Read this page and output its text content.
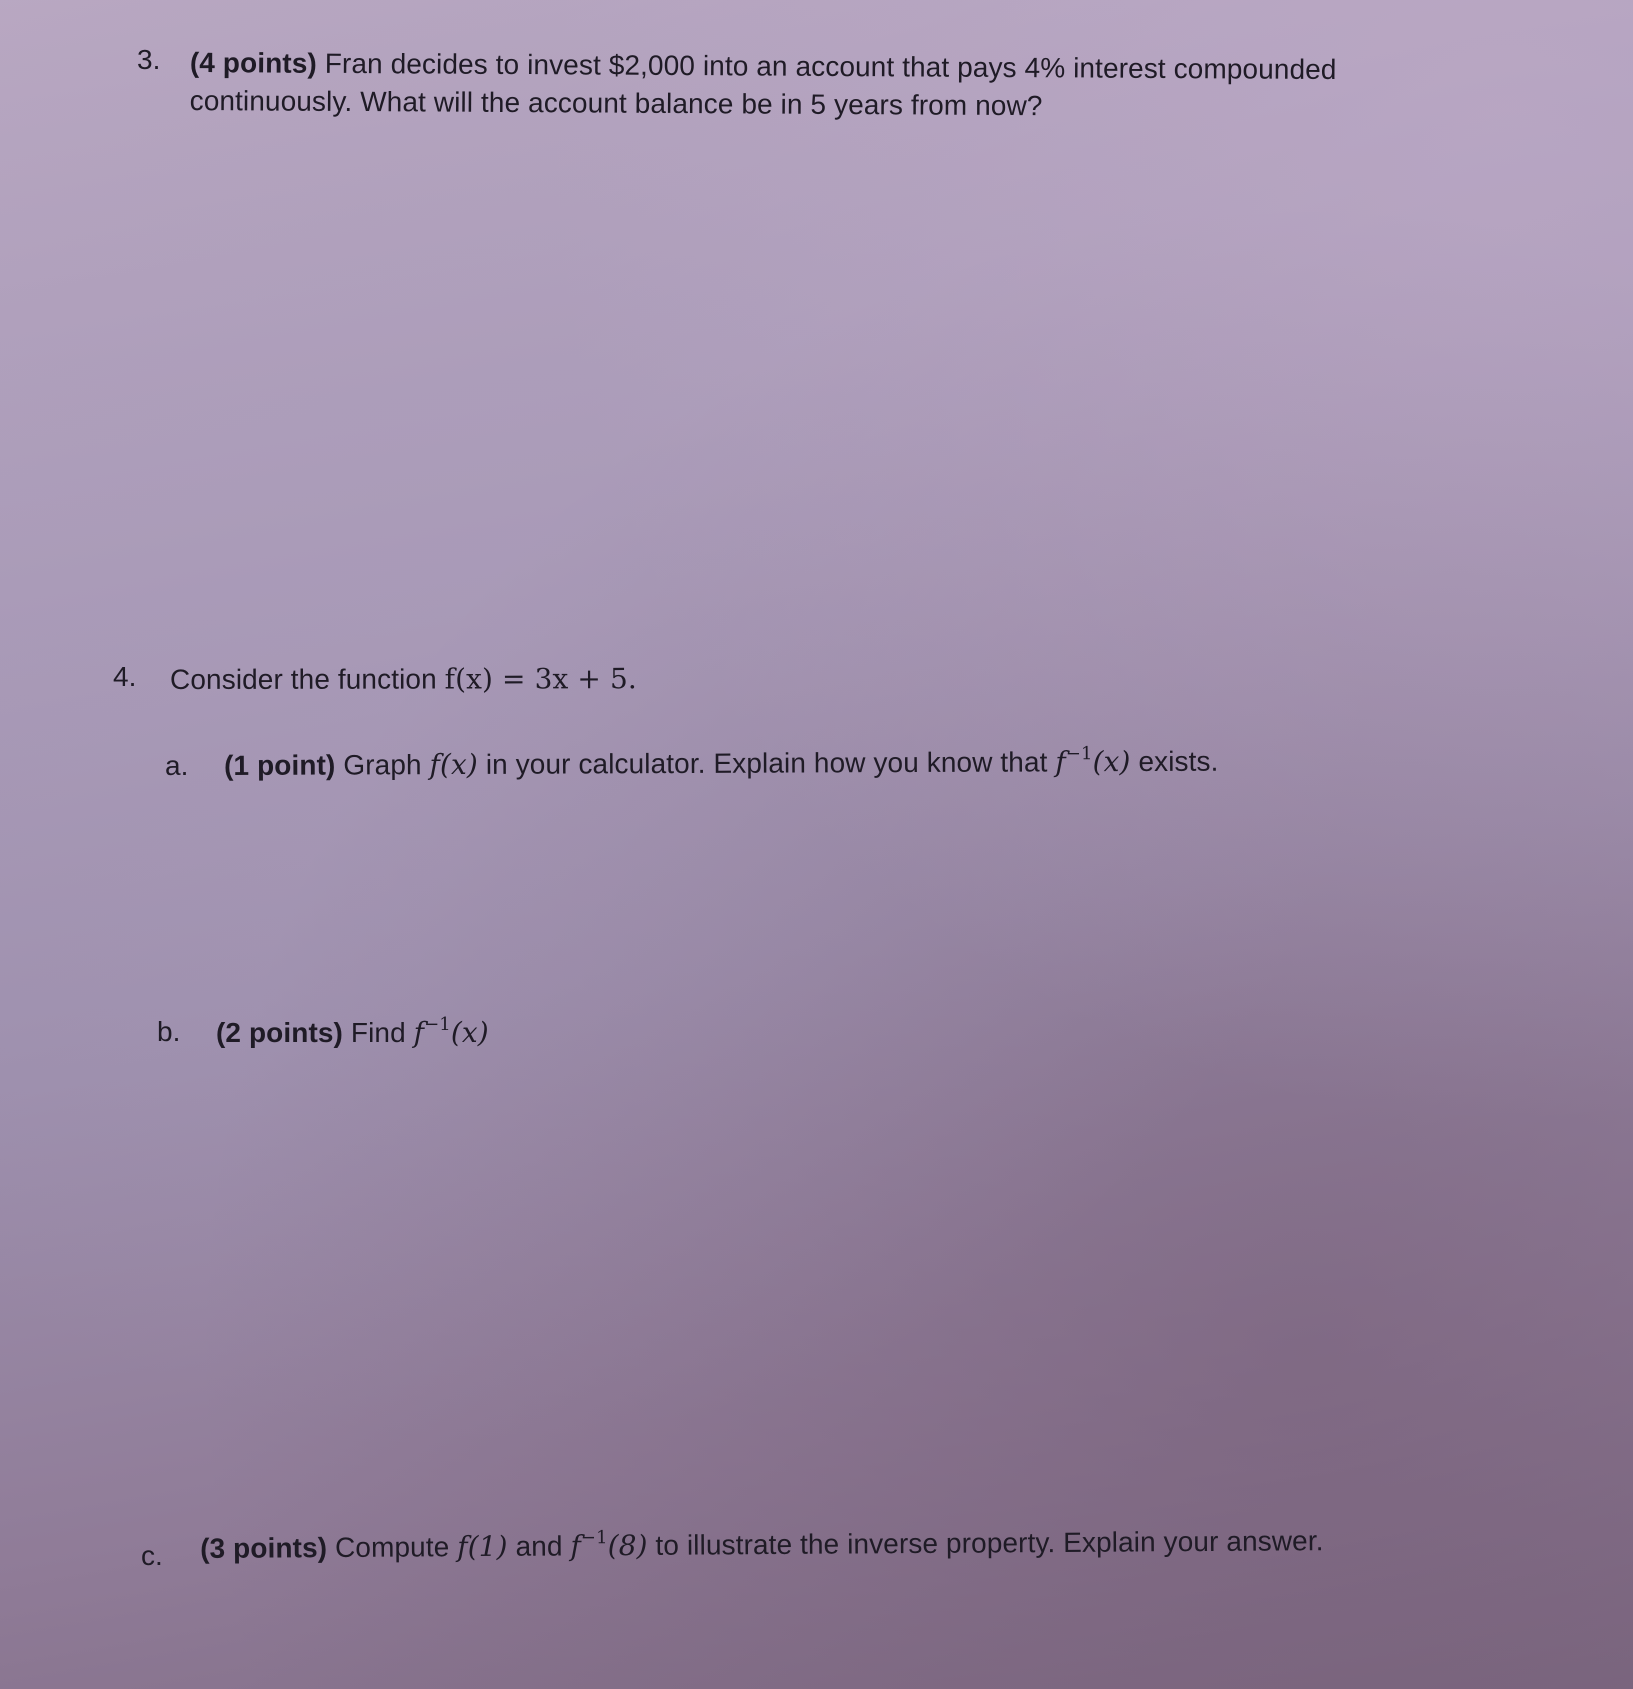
3. (4 points) Fran decides to invest $2,000 into an account that pays 4% interest compounded
continuously. What will the account balance be in 5 years from now?
4. Consider the function f(x) = 3x + 5.
a. (1 point) Graph f(x) in your calculator. Explain how you know that $f^{-1}(x)$ exists.
b. (2 points) Find $f^{-1}(x)$
c. (3 points) Compute f(1) and $f^{-1}(8)$ to illustrate the inverse property. Explain your answer.
